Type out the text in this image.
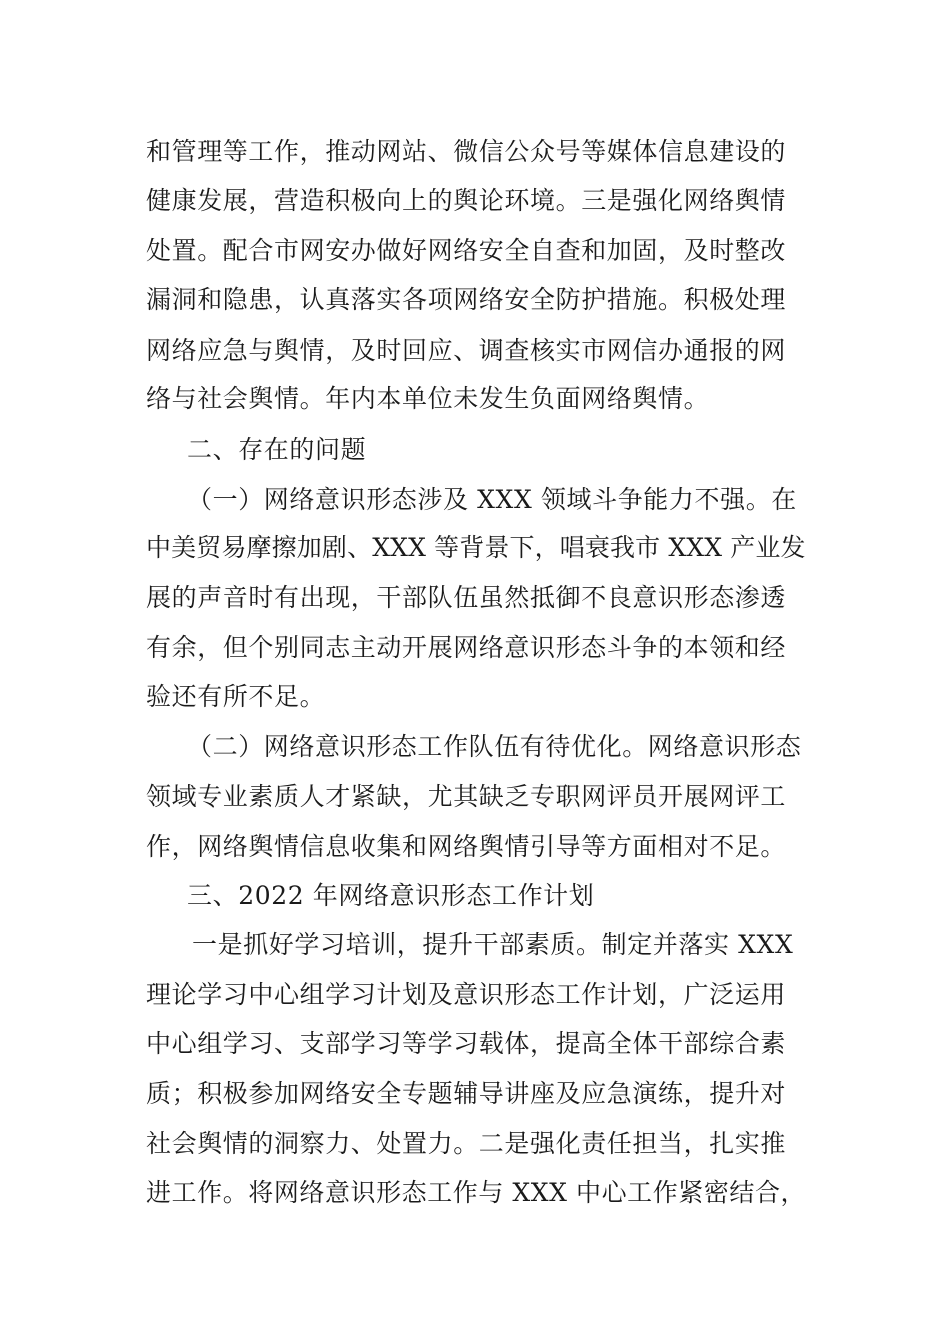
和管理等工作，推动网站、微信公众号等媒体信息建设的
健康发展，营造积极向上的舆论环境。三是强化网络舆情
处置。配合市网安办做好网络安全自查和加固，及时整改
漏洞和隐患，认真落实各项网络安全防护措施。积极处理
网络应急与舆情，及时回应、调查核实市网信办通报的网
络与社会舆情。年内本单位未发生负面网络舆情。
二、存在的问题
（一）网络意识形态涉及 XXX 领域斗争能力不强。在
中美贸易摩擦加剧、XXX 等背景下，唱衰我市 XXX 产业发
展的声音时有出现，干部队伍虽然抵御不良意识形态渗透
有余，但个别同志主动开展网络意识形态斗争的本领和经
验还有所不足。
（二）网络意识形态工作队伍有待优化。网络意识形态
领域专业素质人才紧缺，尤其缺乏专职网评员开展网评工
作，网络舆情信息收集和网络舆情引导等方面相对不足。
三、2022 年网络意识形态工作计划
一是抓好学习培训，提升干部素质。制定并落实 XXX
理论学习中心组学习计划及意识形态工作计划，广泛运用
中心组学习、支部学习等学习载体，提高全体干部综合素
质；积极参加网络安全专题辅导讲座及应急演练，提升对
社会舆情的洞察力、处置力。二是强化责任担当，扎实推
进工作。将网络意识形态工作与 XXX 中心工作紧密结合，
